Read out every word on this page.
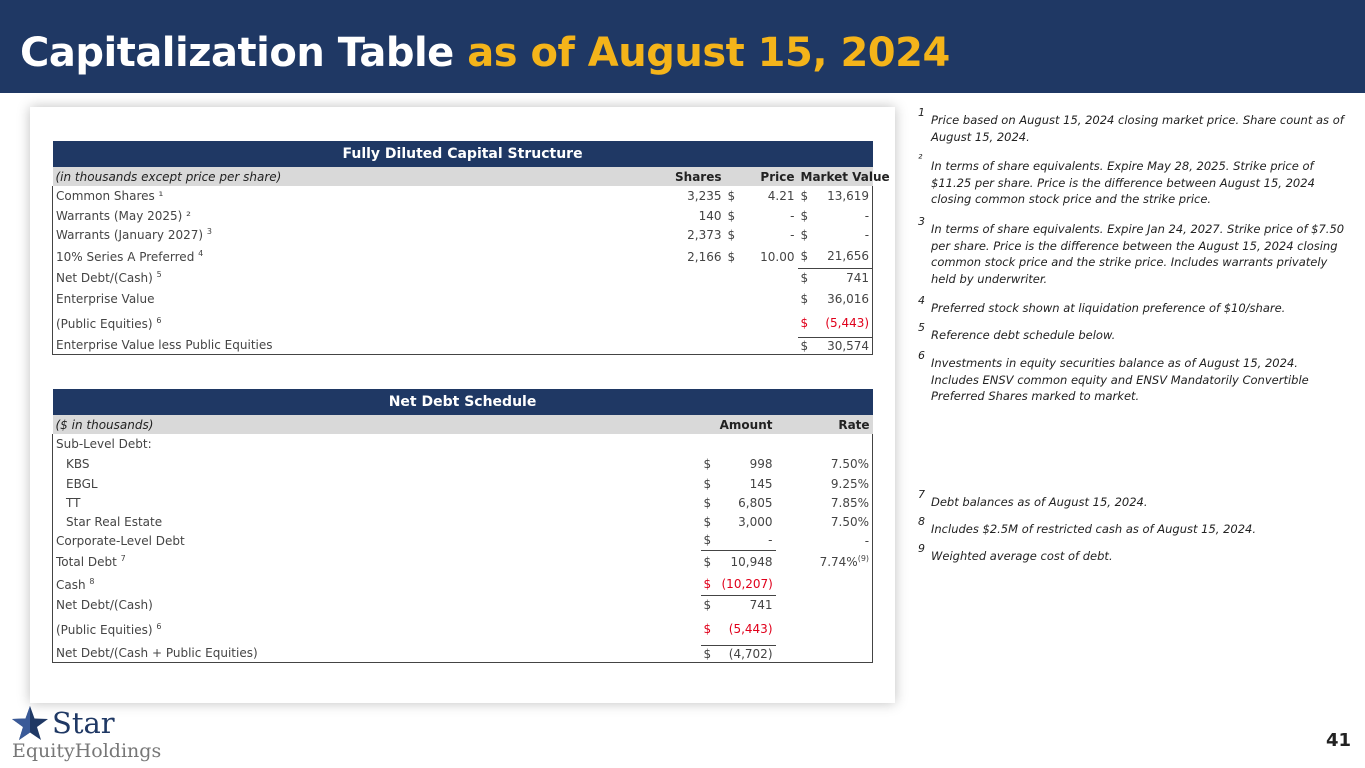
Capitalization Table as of August 15, 2024
Fully Diluted Capital Structure					
(in thousands except price per share)	Shares	Price		Market Value	
Common Shares ¹	3,235	$	4.21	$	13,619
Warrants (May 2025) ²	140	$	-	$	-
Warrants (January 2027) $^3$	2,373	$	-	$	-
10% Series A Preferred $^4$	2,166	$	10.00	$	21,656
Net Debt/(Cash) $^5$				$	741
Enterprise Value				$	36,016
(Public Equities) $^6$				$	(5,443)
Enterprise Value less Public Equities				$	30,574
Net Debt Schedule			
($ in thousands)	Amount		Rate
Sub-Level Debt:			
KBS	$	998	7.50%
EBGL	$	145	9.25%
TT	$	6,805	7.85%
Star Real Estate	$	3,000	7.50%
Corporate-Level Debt	$	-	-
Total Debt $^7$	$	10,948	7.74%$^{(9)}$
Cash $^8$	$	(10,207)	
Net Debt/(Cash)	$	741	
(Public Equities) $^6$	$	(5,443)	
Net Debt/(Cash + Public Equities)	$	(4,702)	
1
Price based on August 15, 2024 closing market price. Share count as of August 15, 2024.
²
In terms of share equivalents. Expire May 28, 2025. Strike price of $11.25 per share. Price is the difference between August 15, 2024 closing common stock price and the strike price.
3
In terms of share equivalents. Expire Jan 24, 2027. Strike price of $7.50 per share. Price is the difference between the August 15, 2024 closing common stock price and the strike price. Includes warrants privately held by underwriter.
4
Preferred stock shown at liquidation preference of $10/share.
5
Reference debt schedule below.
6
Investments in equity securities balance as of August 15, 2024. Includes ENSV common equity and ENSV Mandatorily Convertible Preferred Shares marked to market.
7
Debt balances as of August 15, 2024.
8
Includes $2.5M of restricted cash as of August 15, 2024.
9
Weighted average cost of debt.
Star
EquityHoldings	41
